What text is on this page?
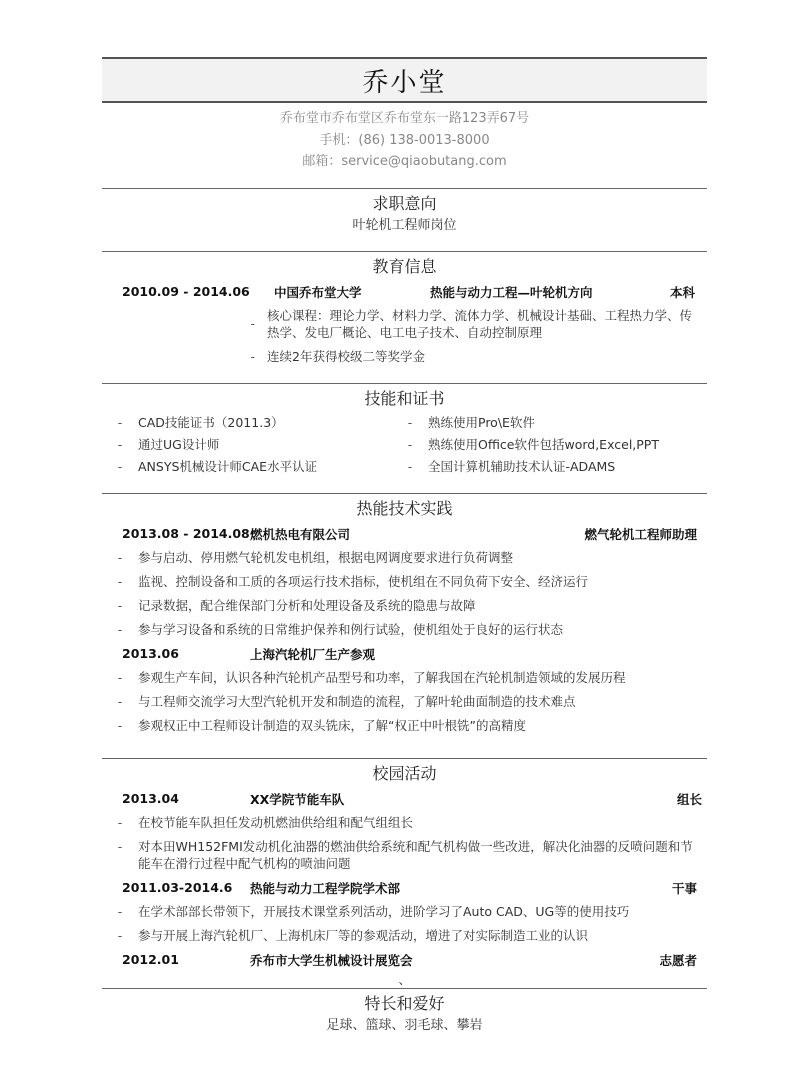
乔小堂
乔布堂市乔布堂区乔布堂东一路123弄67号
手机：(86) 138-0013-8000
邮箱：service@qiaobutang.com
求职意向
叶轮机工程师岗位
教育信息
2010.09 - 2014.06	中国乔布堂大学	热能与动力工程—叶轮机方向	本科
-
核心课程：理论力学、材料力学、流体力学、机械设计基础、工程热力学、传热学、发电厂概论、电工电子技术、自动控制原理
- 连续2年获得校级二等奖学金
技能和证书
-	CAD技能证书（2011.3）
-	通过UG设计师
-	ANSYS机械设计师CAE水平认证
-	熟练使用Pro\E软件
-	熟练使用Office软件包括word,Excel,PPT
-	全国计算机辅助技术认证-ADAMS
热能技术实践
2013.08 - 2014.08 燃机热电有限公司	燃气轮机工程师助理
-	参与启动、停用燃气轮机发电机组，根据电网调度要求进行负荷调整
-	监视、控制设备和工质的各项运行技术指标，使机组在不同负荷下安全、经济运行
-	记录数据，配合维保部门分析和处理设备及系统的隐患与故障
-	参与学习设备和系统的日常维护保养和例行试验，使机组处于良好的运行状态
2013.06	上海汽轮机厂生产参观
-	参观生产车间，认识各种汽轮机产品型号和功率，了解我国在汽轮机制造领域的发展历程
-	与工程师交流学习大型汽轮机开发和制造的流程，了解叶轮曲面制造的技术难点
-	参观权正中工程师设计制造的双头铣床，了解“权正中叶根铣”的高精度
校园活动
2013.04	XX学院节能车队	组长
-	在校节能车队担任发动机燃油供给组和配气组组长
-	对本田WH152FMI发动机化油器的燃油供给系统和配气机构做一些改进，解决化油器的反喷问题和节能车在滑行过程中配气机构的喷油问题
2011.03-2014.6	热能与动力工程学院学术部	干事
-	在学术部部长带领下，开展技术课堂系列活动，进阶学习了Auto CAD、UG等的使用技巧
-	参与开展上海汽轮机厂、上海机床厂等的参观活动，增进了对实际制造工业的认识
2012.01	乔布市大学生机械设计展览会	志愿者
、
特长和爱好
足球、篮球、羽毛球、攀岩
